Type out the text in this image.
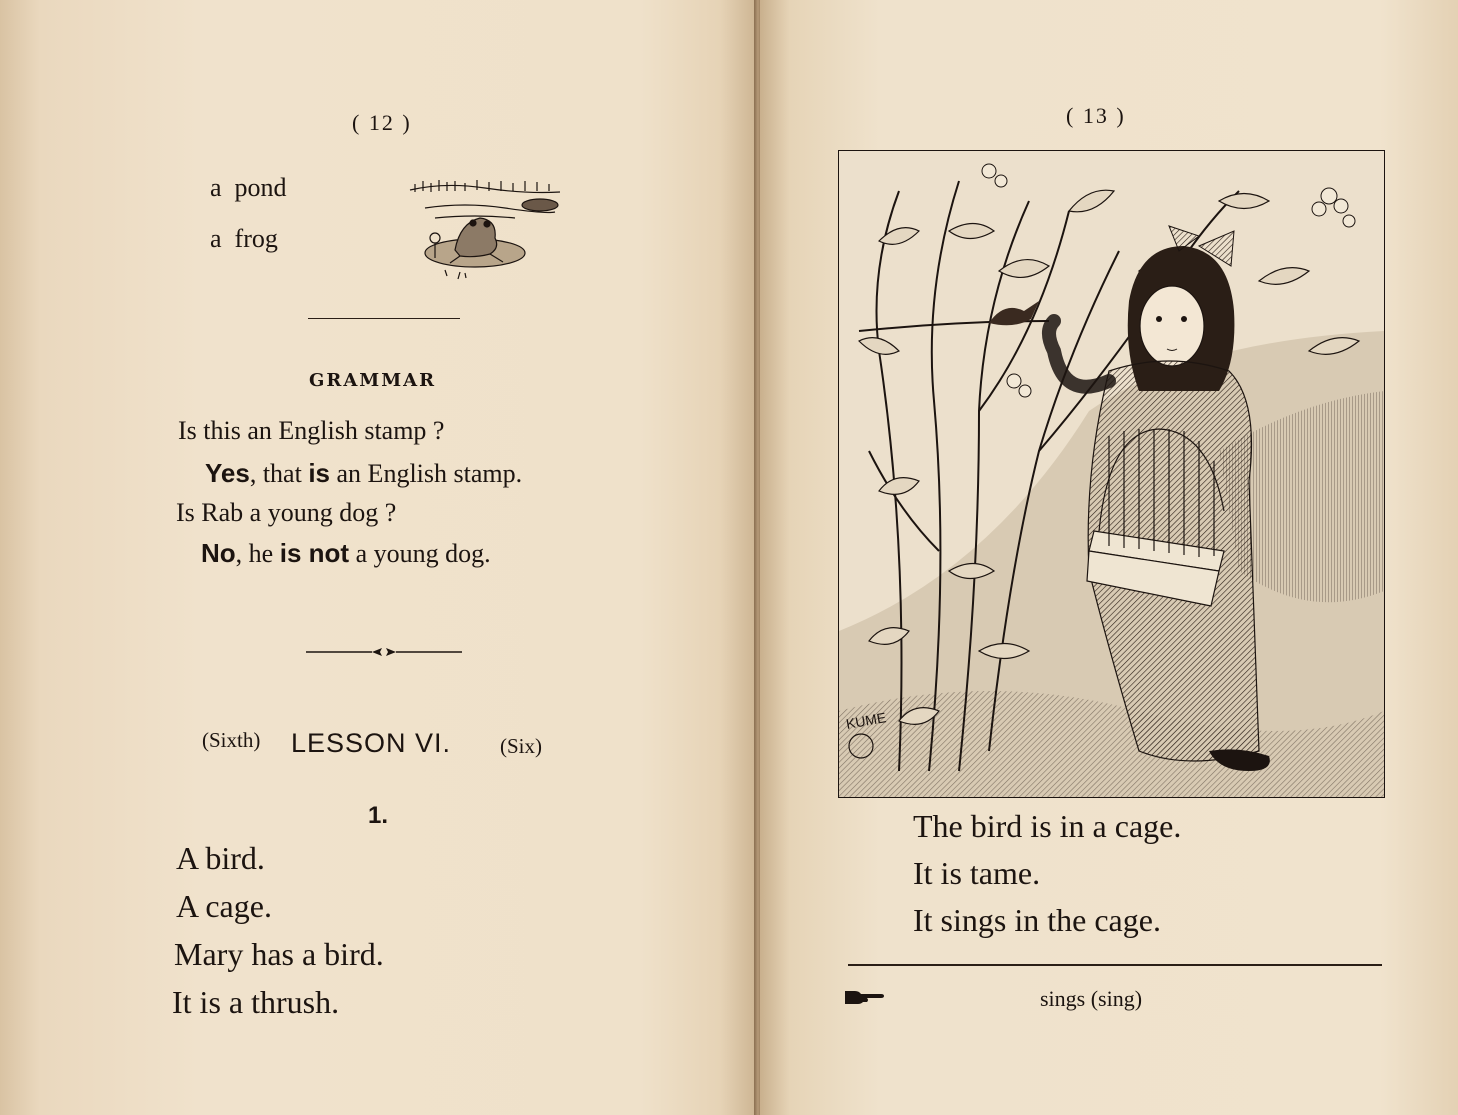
( 12 )
a pond
a frog
GRAMMAR
Is this an English stamp ?
Yes, that is an English stamp.
Is Rab a young dog ?
No, he is not a young dog.
(Sixth) LESSON VI. (Six)
1.
A bird.
A cage.
Mary has a bird.
It is a thrush.
( 13 )
KUME
The bird is in a cage.
It is tame.
It sings in the cage.
sings (sing)
